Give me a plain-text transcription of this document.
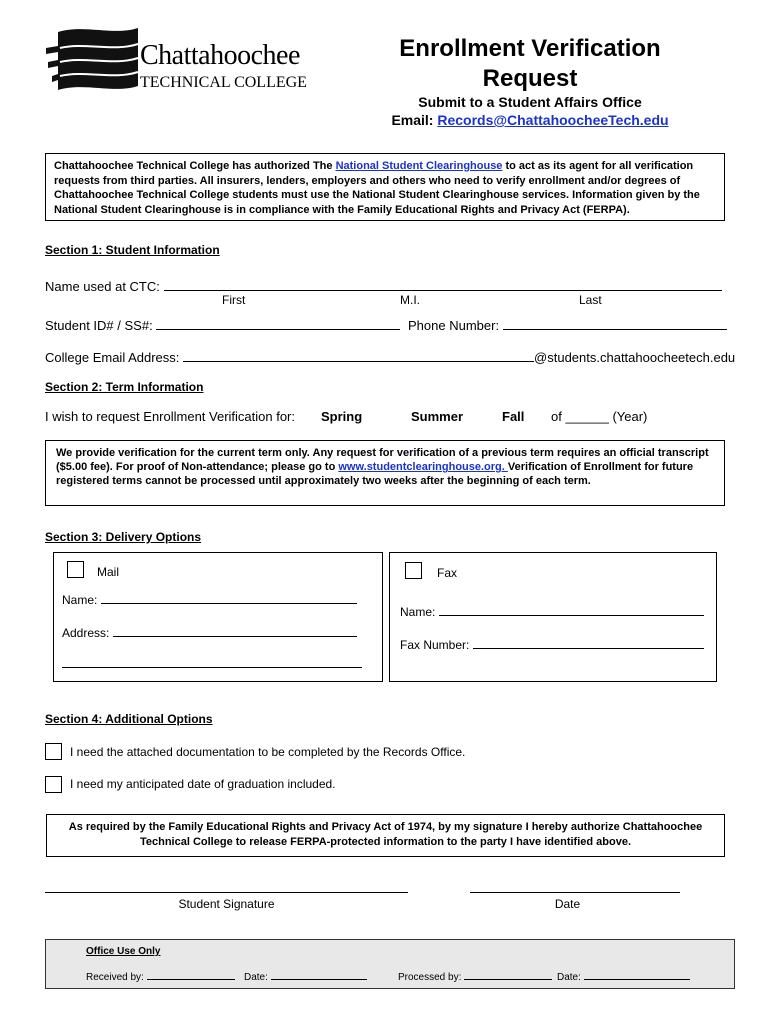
Chattahoochee
TECHNICAL COLLEGE
Enrollment Verification
Request
Submit to a Student Affairs Office
Email: Records@ChattahoocheeTech.edu
Chattahoochee Technical College has authorized The National Student Clearinghouse to act as its agent for all verification requests from third parties. All insurers, lenders, employers and others who need to verify enrollment and/or degrees of Chattahoochee Technical College students must use the National Student Clearinghouse services. Information given by the National Student Clearinghouse is in compliance with the Family Educational Rights and Privacy Act (FERPA).
Section 1: Student Information
Name used at CTC:
First	M.I.	Last
Student ID# / SS#:	Phone Number:
College Email Address:	@students.chattahoocheetech.edu
Section 2: Term Information
I wish to request Enrollment Verification for: Spring	Summer	Fall of ______ (Year)
We provide verification for the current term only. Any request for verification of a previous term requires an official transcript ($5.00 fee). For proof of Non-attendance; please go to www.studentclearinghouse.org. Verification of Enrollment for future registered terms cannot be processed until approximately two weeks after the beginning of each term.
Section 3: Delivery Options
Mail
Name:
Address:
Fax
Name:
Fax Number:
Section 4: Additional Options
I need the attached documentation to be completed by the Records Office.
I need my anticipated date of graduation included.
As required by the Family Educational Rights and Privacy Act of 1974, by my signature I hereby authorize Chattahoochee Technical College to release FERPA-protected information to the party I have identified above.
Student Signature	Date
Office Use Only
Received by:	Date:	Processed by:	Date:
